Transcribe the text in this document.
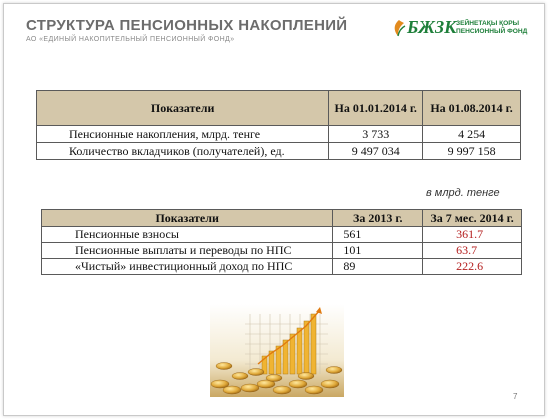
СТРУКТУРА ПЕНСИОННЫХ НАКОПЛЕНИЙ
АО «ЕДИНЫЙ НАКОПИТЕЛЬНЫЙ ПЕНСИОННЫЙ ФОНД»
БЖЗК ЗЕЙНЕТАҚЫ ҚОРЫ
ПЕНСИОННЫЙ ФОНД
Показатели	На 01.01.2014 г.	На 01.08.2014 г.
Пенсионные накопления, млрд. тенге	3 733	4 254
Количество вкладчиков (получателей), ед.	9 497 034	9 997 158
в млрд. тенге
Показатели	За 2013 г.	За 7 мес. 2014 г.
Пенсионные взносы	561	361.7
Пенсионные выплаты и переводы по НПС	101	63.7
«Чистый» инвестиционный доход по НПС	89	222.6
7
